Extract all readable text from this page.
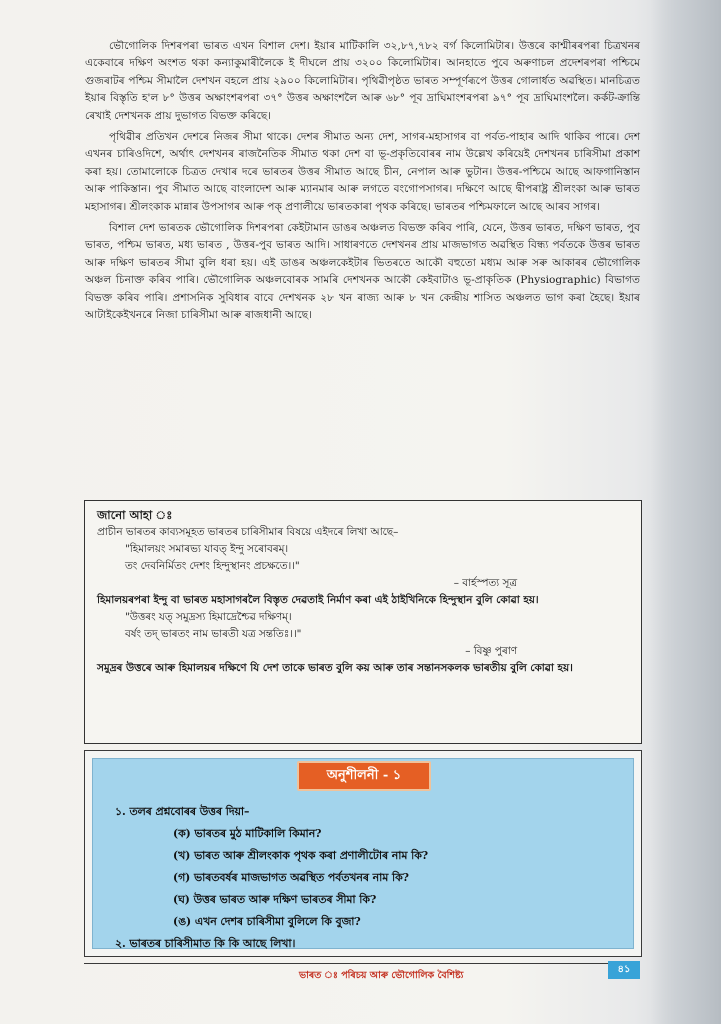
ভৌগোলিক দিশৰপৰা ভাৰত এখন বিশাল দেশ। ইয়াৰ মাটিকালি ৩২,৮৭,৭৮২ বৰ্গ কিলোমিটাৰ। উত্তৰে কাশ্মীৰৰপৰা চিত্ৰখনৰ একেবাৰে দক্ষিণ অংশত থকা কন্যাকুমাৰীলৈকে ই দীঘলে প্ৰায় ৩২০০ কিলোমিটাৰ। আনহাতে পুবে অৰুণাচল প্ৰদেশৰপৰা পশ্চিমে গুজৰাটৰ পশ্চিম সীমালৈ দেশখন বহলে প্ৰায় ২৯০০ কিলোমিটাৰ। পৃথিৱীপৃষ্ঠত ভাৰত সম্পূৰ্ণৰূপে উত্তৰ গোলাৰ্ধত অৱস্থিত। মানচিত্ৰত ইয়াৰ বিস্তৃতি হ'ল ৮° উত্তৰ অক্ষাংশৰপৰা ৩৭° উত্তৰ অক্ষাংশলৈ আৰু ৬৮° পূব দ্ৰাঘিমাংশৰপৰা ৯৭° পূব দ্ৰাঘিমাংশলৈ। কৰ্কট-ক্ৰান্তি ৰেখাই দেশখনক প্ৰায় দুভাগত বিভক্ত কৰিছে।

পৃথিৱীৰ প্ৰতিখন দেশৰে নিজৰ সীমা থাকে। দেশৰ সীমাত অন্য দেশ, সাগৰ-মহাসাগৰ বা পৰ্বত-পাহাৰ আদি থাকিব পাৰে। দেশ এখনৰ চাৰিওদিশে, অৰ্থাৎ দেশখনৰ ৰাজনৈতিক সীমাত থকা দেশ বা ভূ-প্ৰকৃতিবোৰৰ নাম উল্লেখ কৰিয়েই দেশখনৰ চাৰিসীমা প্ৰকাশ কৰা হয়। তোমালোকে চিত্ৰত দেখাৰ দৰে ভাৰতৰ উত্তৰ সীমাত আছে চীন, নেপাল আৰু ভুটান। উত্তৰ-পশ্চিমে আছে আফগানিস্তান আৰু পাকিস্তান। পুব সীমাত আছে বাংলাদেশ আৰু ম্যানমাৰ আৰু লগতে বংগোপসাগৰ। দক্ষিণে আছে দ্বীপৰাষ্ট্ৰ শ্ৰীলংকা আৰু ভাৰত মহাসাগৰ। শ্ৰীলংকাক মান্নাৰ উপসাগৰ আৰু পক্ প্ৰণালীয়ে ভাৰতকাৰা পৃথক কৰিছে। ভাৰতৰ পশ্চিমফালে আছে আৰব সাগৰ।

বিশাল দেশ ভাৰতক ভৌগোলিক দিশৰপৰা কেইটামান ডাঙৰ অঞ্চলত বিভক্ত কৰিব পাৰি, যেনে, উত্তৰ ভাৰত, দক্ষিণ ভাৰত, পুব ভাৰত, পশ্চিম ভাৰত, মধ্য ভাৰত , উত্তৰ-পুব ভাৰত আদি। সাধাৰণতে দেশখনৰ প্ৰায় মাজভাগত অৱস্থিত বিন্ধ্য পৰ্বতকে উত্তৰ ভাৰত আৰু দক্ষিণ ভাৰতৰ সীমা বুলি ধৰা হয়। এই ডাঙৰ অঞ্চলকেইটাৰ ভিতৰতে আকৌ বহুতো মধ্যম আৰু সৰু আকাৰৰ ভৌগোলিক অঞ্চল চিনাক্ত কৰিব পাৰি। ভৌগোলিক অঞ্চলবোৰক সামৰি দেশখনক আকৌ কেইবাটাও ভূ-প্ৰাকৃতিক (Physiographic) বিভাগত বিভক্ত কৰিব পাৰি। প্ৰশাসনিক সুবিধাৰ বাবে দেশখনক ২৮ খন ৰাজ্য আৰু ৮ খন কেন্দ্ৰীয় শাসিত অঞ্চলত ভাগ কৰা হৈছে। ইয়াৰ আটাইকেইখনৰে নিজা চাৰিসীমা আৰু ৰাজধানী আছে।

জানো আহা ঃ
প্ৰাচীন ভাৰতৰ কাব্যসমূহত ভাৰতৰ চাৰিসীমাৰ বিষয়ে এইদৰে লিখা আছে–
"হিমালয়ং সমাৰভ্য যাবত্ ইন্দু সৰোবৰম্।
তং দেবনিৰ্মিতং দেশং হিন্দুস্থানং প্ৰচক্ষতে।।"
– বাৰ্হস্পত্য সূত্ৰ
হিমালয়ৰপৰা ইন্দু বা ভাৰত মহাসাগৰলৈ বিস্তৃত দেৱতাই নিৰ্মাণ কৰা এই ঠাইখিনিকে হিন্দুস্থান বুলি কোৱা হয়।
"উত্তৰং যত্ সমুদ্ৰস্য হিমাদ্ৰেশ্চৈৱ দক্ষিণম্।
বৰ্ষং তদ্ ভাৰতং নাম ভাৰতী যত্ৰ সন্ততিঃ।।"
– বিষ্ণু পুৰাণ
সমুদ্ৰৰ উত্তৰে আৰু হিমালয়ৰ দক্ষিণে যি দেশ তাকে ভাৰত বুলি কয় আৰু তাৰ সন্তানসকলক ভাৰতীয় বুলি কোৱা হয়।
অনুশীলনী - ১
১. তলৰ প্ৰশ্নবোৰৰ উত্তৰ দিয়া–
(ক) ভাৰতৰ মুঠ মাটিকালি কিমান?
(খ) ভাৰত আৰু শ্ৰীলংকাক পৃথক কৰা প্ৰণালীটোৰ নাম কি?
(গ) ভাৰতবৰ্ষৰ মাজভাগত অৱস্থিত পৰ্বতখনৰ নাম কি?
(ঘ) উত্তৰ ভাৰত আৰু দক্ষিণ ভাৰতৰ সীমা কি?
(ঙ) এখন দেশৰ চাৰিসীমা বুলিলে কি বুজা?
২. ভাৰতৰ চাৰিসীমাত কি কি আছে লিখা।
ভাৰত ঃ পৰিচয় আৰু ভৌগোলিক বৈশিষ্ট্য
৪১
